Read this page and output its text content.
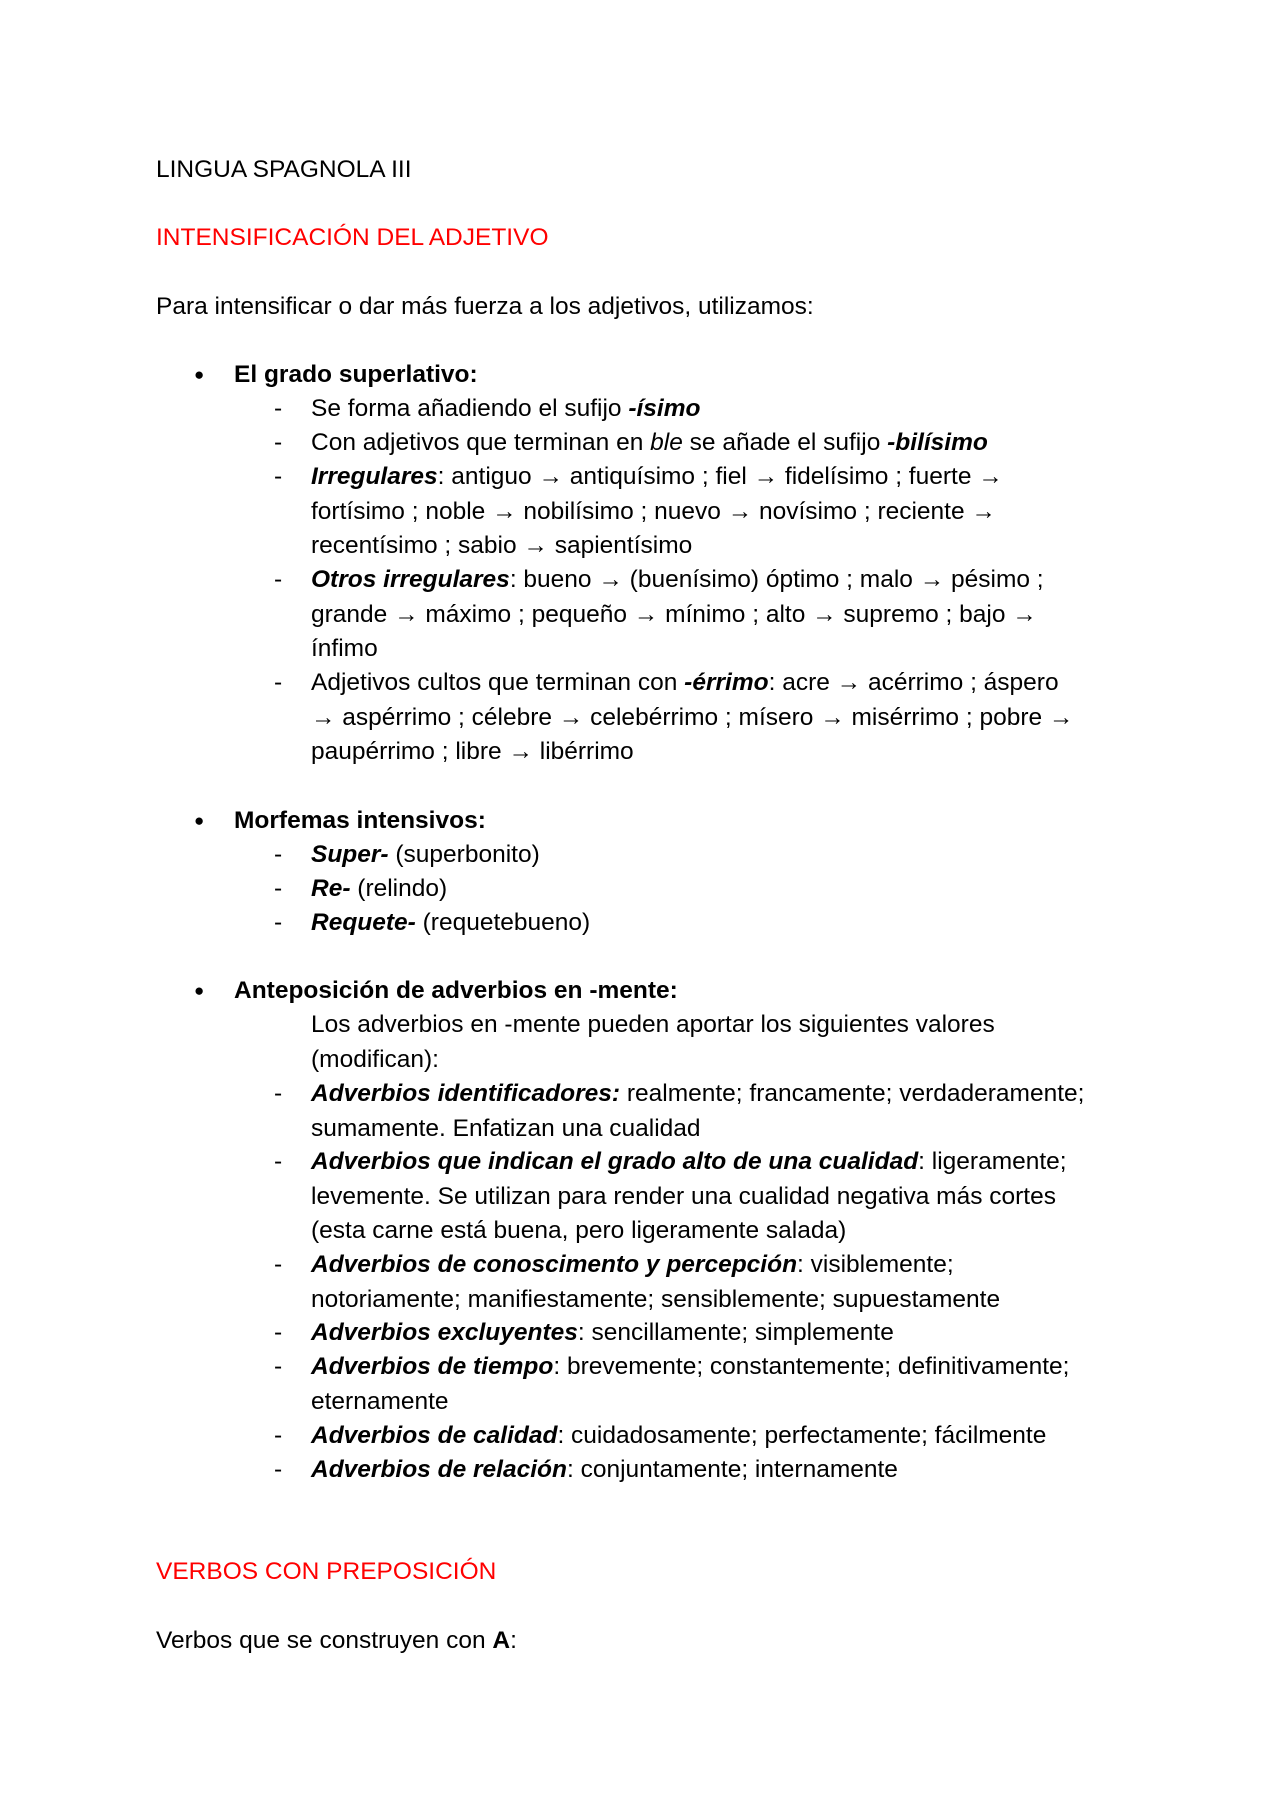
LINGUA SPAGNOLA III
INTENSIFICACIÓN DEL ADJETIVO
Para intensificar o dar más fuerza a los adjetivos, utilizamos:
● El grado superlativo:
- Se forma añadiendo el sufijo -ísimo
- Con adjetivos que terminan en ble se añade el sufijo -bilísimo
- Irregulares: antiguo → antiquísimo ; fiel → fidelísimo ; fuerte →
fortísimo ; noble → nobilísimo ; nuevo → novísimo ; reciente →
recentísimo ; sabio → sapientísimo
- Otros irregulares: bueno → (buenísimo) óptimo ; malo → pésimo ;
grande → máximo ; pequeño → mínimo ; alto → supremo ; bajo →
ínfimo
- Adjetivos cultos que terminan con -érrimo: acre → acérrimo ; áspero
→ aspérrimo ; célebre → celebérrimo ; mísero → misérrimo ; pobre →
paupérrimo ; libre → libérrimo
● Morfemas intensivos:
- Super- (superbonito)
- Re- (relindo)
- Requete- (requetebueno)
● Anteposición de adverbios en -mente:
Los adverbios en -mente pueden aportar los siguientes valores
(modifican):
- Adverbios identificadores: realmente; francamente; verdaderamente;
sumamente. Enfatizan una cualidad
- Adverbios que indican el grado alto de una cualidad: ligeramente;
levemente. Se utilizan para render una cualidad negativa más cortes
(esta carne está buena, pero ligeramente salada)
- Adverbios de conoscimento y percepción: visiblemente;
notoriamente; manifiestamente; sensiblemente; supuestamente
- Adverbios excluyentes: sencillamente; simplemente
- Adverbios de tiempo: brevemente; constantemente; definitivamente;
eternamente
- Adverbios de calidad: cuidadosamente; perfectamente; fácilmente
- Adverbios de relación: conjuntamente; internamente
VERBOS CON PREPOSICIÓN
Verbos que se construyen con A:
